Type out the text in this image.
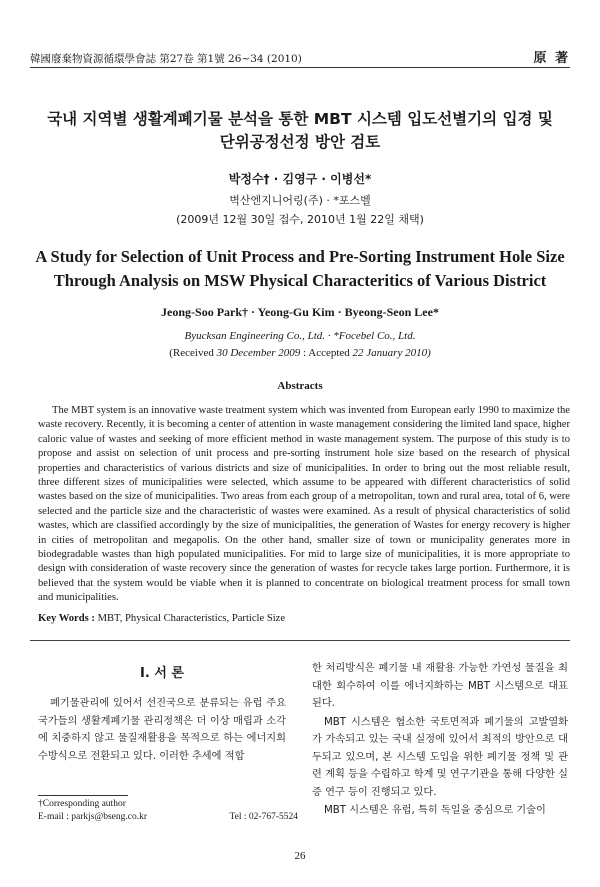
韓國廢棄物資源循環學會誌 第27卷 第1號 26~34 (2010)	原 著
국내 지역별 생활계폐기물 분석을 통한 MBT 시스템 입도선별기의 입경 및
단위공정선정 방안 검토
박정수† · 김영구 · 이병선*
벽산엔지니어링(주) · *포스벨
(2009년 12월 30일 접수, 2010년 1월 22일 채택)
A Study for Selection of Unit Process and Pre-Sorting Instrument Hole Size
Through Analysis on MSW Physical Characteritics of Various District
Jeong-Soo Park† · Yeong-Gu Kim · Byeong-Seon Lee*
Byucksan Engineering Co., Ltd. · *Focebel Co., Ltd.
(Received 30 December 2009 : Accepted 22 January 2010)
Abstracts
The MBT system is an innovative waste treatment system which was invented from European early 1990 to maximize the waste recovery. Recently, it is becoming a center of attention in waste management considering the limited land space, higher caloric value of wastes and seeking of more efficient method in waste management system. The purpose of this study is to propose and assist on selection of unit process and pre-sorting instrument hole size based on the research of physical properties and characteristics of various districts and size of municipalities. In order to bring out the most reliable result, three different sizes of municipalities were selected, which assume to be appeared with different characteristics of solid wastes based on the size of municipalities. Two areas from each group of a metropolitan, town and rural area, total of 6, were selected and the particle size and the characteristic of wastes were examined. As a result of physical characteristics of solid wastes, which are classified accordingly by the size of municipalities, the generation of Wastes for energy recovery is higher in cities of metropolitan and megapolis. On the other hand, smaller size of town or municipality generates more in biodegradable wastes than high populated municipalities. For mid to large size of municipalities, it is more appropriate to design with consideration of waste recovery since the generation of wastes for recycle takes large portion. Furthermore, it is believed that the system would be viable when it is planned to concentrate on biological treatment process for small town and municipalities.
Key Words : MBT, Physical Characteristics, Particle Size
I. 서 론

폐기물관리에 있어서 선진국으로 분류되는 유럽 주요 국가들의 생활계폐기물 관리정책은 더 이상 매립과 소각에 치중하지 않고 물질재활용을 목적으로 하는 에너지회수방식으로 전환되고 있다. 이러한 추세에 적합

한 처리방식은 폐기물 내 재활용 가능한 가연성 물질을 최대한 회수하여 이를 에너지화하는 MBT 시스템으로 대표된다.

MBT 시스템은 협소한 국토면적과 폐기물의 고발열화가 가속되고 있는 국내 실정에 있어서 최적의 방안으로 대두되고 있으며, 본 시스템 도입을 위한 폐기물 정책 및 관련 계획 등을 수립하고 학계 및 연구기관을 통해 다양한 실증 연구 등이 진행되고 있다.

MBT 시스템은 유럽, 특히 독일을 중심으로 기술이

†Corresponding author
E-mail : parkjs@bseng.co.kr	Tel : 02-767-5524
26
